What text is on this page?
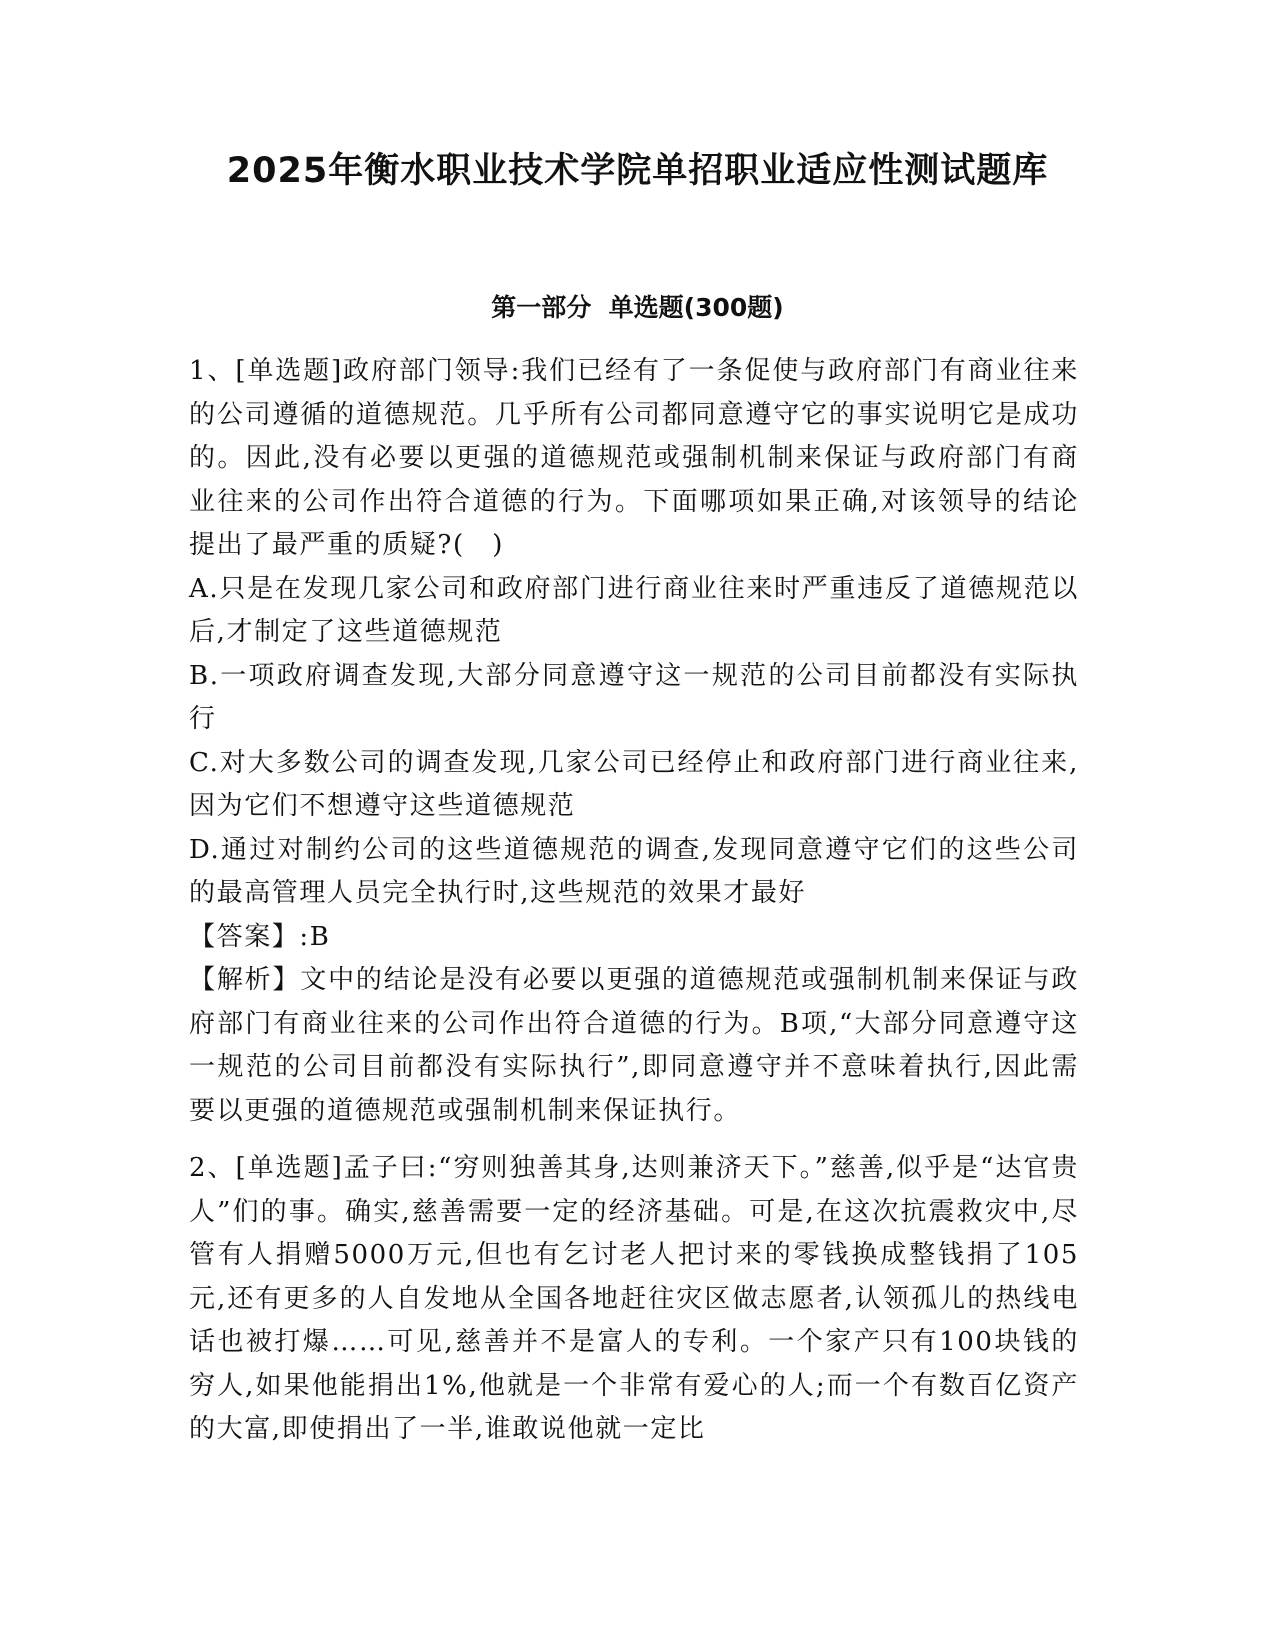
2025年衡水职业技术学院单招职业适应性测试题库
第一部分  单选题(300题)

1、[单选题]政府部门领导:我们已经有了一条促使与政府部门有商业往来的公司遵循的道德规范。几乎所有公司都同意遵守它的事实说明它是成功的。因此,没有必要以更强的道德规范或强制机制来保证与政府部门有商业往来的公司作出符合道德的行为。下面哪项如果正确,对该领导的结论提出了最严重的质疑?(　)

A.只是在发现几家公司和政府部门进行商业往来时严重违反了道德规范以后,才制定了这些道德规范

B.一项政府调查发现,大部分同意遵守这一规范的公司目前都没有实际执行

C.对大多数公司的调查发现,几家公司已经停止和政府部门进行商业往来,因为它们不想遵守这些道德规范

D.通过对制约公司的这些道德规范的调查,发现同意遵守它们的这些公司的最高管理人员完全执行时,这些规范的效果才最好

【答案】:B

【解析】文中的结论是没有必要以更强的道德规范或强制机制来保证与政府部门有商业往来的公司作出符合道德的行为。B项,“大部分同意遵守这一规范的公司目前都没有实际执行”,即同意遵守并不意味着执行,因此需要以更强的道德规范或强制机制来保证执行。

2、[单选题]孟子曰:“穷则独善其身,达则兼济天下。”慈善,似乎是“达官贵人”们的事。确实,慈善需要一定的经济基础。可是,在这次抗震救灾中,尽管有人捐赠5000万元,但也有乞讨老人把讨来的零钱换成整钱捐了105元,还有更多的人自发地从全国各地赶往灾区做志愿者,认领孤儿的热线电话也被打爆……可见,慈善并不是富人的专利。一个家产只有100块钱的穷人,如果他能捐出1%,他就是一个非常有爱心的人;而一个有数百亿资产的大富,即使捐出了一半,谁敢说他就一定比
